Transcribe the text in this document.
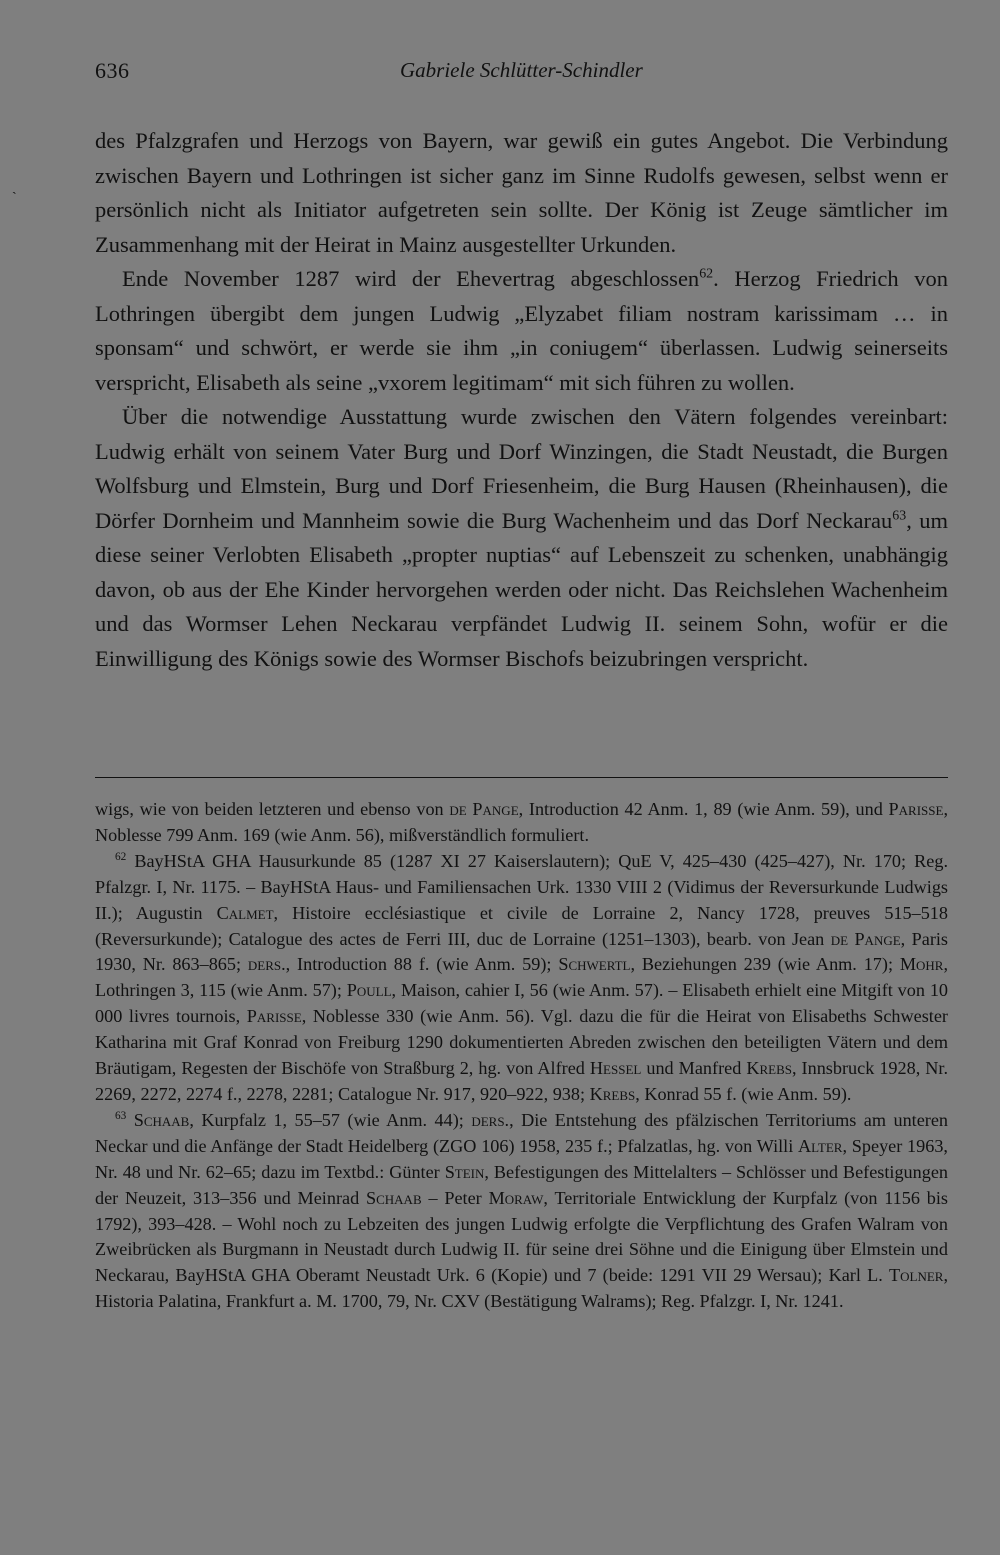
636	Gabriele Schlütter-Schindler
ˎ

des Pfalzgrafen und Herzogs von Bayern, war gewiß ein gutes Angebot. Die Verbindung zwischen Bayern und Lothringen ist sicher ganz im Sinne Rudolfs gewesen, selbst wenn er persönlich nicht als Initiator aufgetreten sein sollte. Der König ist Zeuge sämtlicher im Zusammenhang mit der Heirat in Mainz ausgestellter Urkunden.

Ende November 1287 wird der Ehevertrag abgeschlossen$^{62}$. Herzog Friedrich von Lothringen übergibt dem jungen Ludwig „Elyzabet filiam nostram karissimam … in sponsam“ und schwört, er werde sie ihm „in coniugem“ überlassen. Ludwig seinerseits verspricht, Elisabeth als seine „vxorem legitimam“ mit sich führen zu wollen.

Über die notwendige Ausstattung wurde zwischen den Vätern folgendes vereinbart: Ludwig erhält von seinem Vater Burg und Dorf Winzingen, die Stadt Neustadt, die Burgen Wolfsburg und Elmstein, Burg und Dorf Friesenheim, die Burg Hausen (Rheinhausen), die Dörfer Dornheim und Mannheim sowie die Burg Wachenheim und das Dorf Neckarau$^{63}$, um diese seiner Verlobten Elisabeth „propter nuptias“ auf Lebenszeit zu schenken, unabhängig davon, ob aus der Ehe Kinder hervorgehen werden oder nicht. Das Reichslehen Wachenheim und das Wormser Lehen Neckarau verpfändet Ludwig II. seinem Sohn, wofür er die Einwilligung des Königs sowie des Wormser Bischofs beizubringen verspricht.

wigs, wie von beiden letzteren und ebenso von de Pange, Introduction 42 Anm. 1, 89 (wie Anm. 59), und Parisse, Noblesse 799 Anm. 169 (wie Anm. 56), mißverständlich formuliert.

$^{62}$ BayHStA GHA Hausurkunde 85 (1287 XI 27 Kaiserslautern); QuE V, 425–430 (425–427), Nr. 170; Reg. Pfalzgr. I, Nr. 1175. – BayHStA Haus- und Familiensachen Urk. 1330 VIII 2 (Vidimus der Reversurkunde Ludwigs II.); Augustin Calmet, Histoire ecclésiastique et civile de Lorraine 2, Nancy 1728, preuves 515–518 (Reversurkunde); Catalogue des actes de Ferri III, duc de Lorraine (1251–1303), bearb. von Jean de Pange, Paris 1930, Nr. 863–865; ders., Introduction 88 f. (wie Anm. 59); Schwertl, Beziehungen 239 (wie Anm. 17); Mohr, Lothringen 3, 115 (wie Anm. 57); Poull, Maison, cahier I, 56 (wie Anm. 57). – Elisabeth erhielt eine Mitgift von 10 000 livres tournois, Parisse, Noblesse 330 (wie Anm. 56). Vgl. dazu die für die Heirat von Elisabeths Schwester Katharina mit Graf Konrad von Freiburg 1290 dokumentierten Abreden zwischen den beteiligten Vätern und dem Bräutigam, Regesten der Bischöfe von Straßburg 2, hg. von Alfred Hessel und Manfred Krebs, Innsbruck 1928, Nr. 2269, 2272, 2274 f., 2278, 2281; Catalogue Nr. 917, 920–922, 938; Krebs, Konrad 55 f. (wie Anm. 59).

$^{63}$ Schaab, Kurpfalz 1, 55–57 (wie Anm. 44); ders., Die Entstehung des pfälzischen Territoriums am unteren Neckar und die Anfänge der Stadt Heidelberg (ZGO 106) 1958, 235 f.; Pfalzatlas, hg. von Willi Alter, Speyer 1963, Nr. 48 und Nr. 62–65; dazu im Textbd.: Günter Stein, Befestigungen des Mittelalters – Schlösser und Befestigungen der Neuzeit, 313–356 und Meinrad Schaab – Peter Moraw, Territoriale Entwicklung der Kurpfalz (von 1156 bis 1792), 393–428. – Wohl noch zu Lebzeiten des jungen Ludwig erfolgte die Verpflichtung des Grafen Walram von Zweibrücken als Burgmann in Neustadt durch Ludwig II. für seine drei Söhne und die Einigung über Elmstein und Neckarau, BayHStA GHA Oberamt Neustadt Urk. 6 (Kopie) und 7 (beide: 1291 VII 29 Wersau); Karl L. Tolner, Historia Palatina, Frankfurt a. M. 1700, 79, Nr. CXV (Bestätigung Walrams); Reg. Pfalzgr. I, Nr. 1241.
